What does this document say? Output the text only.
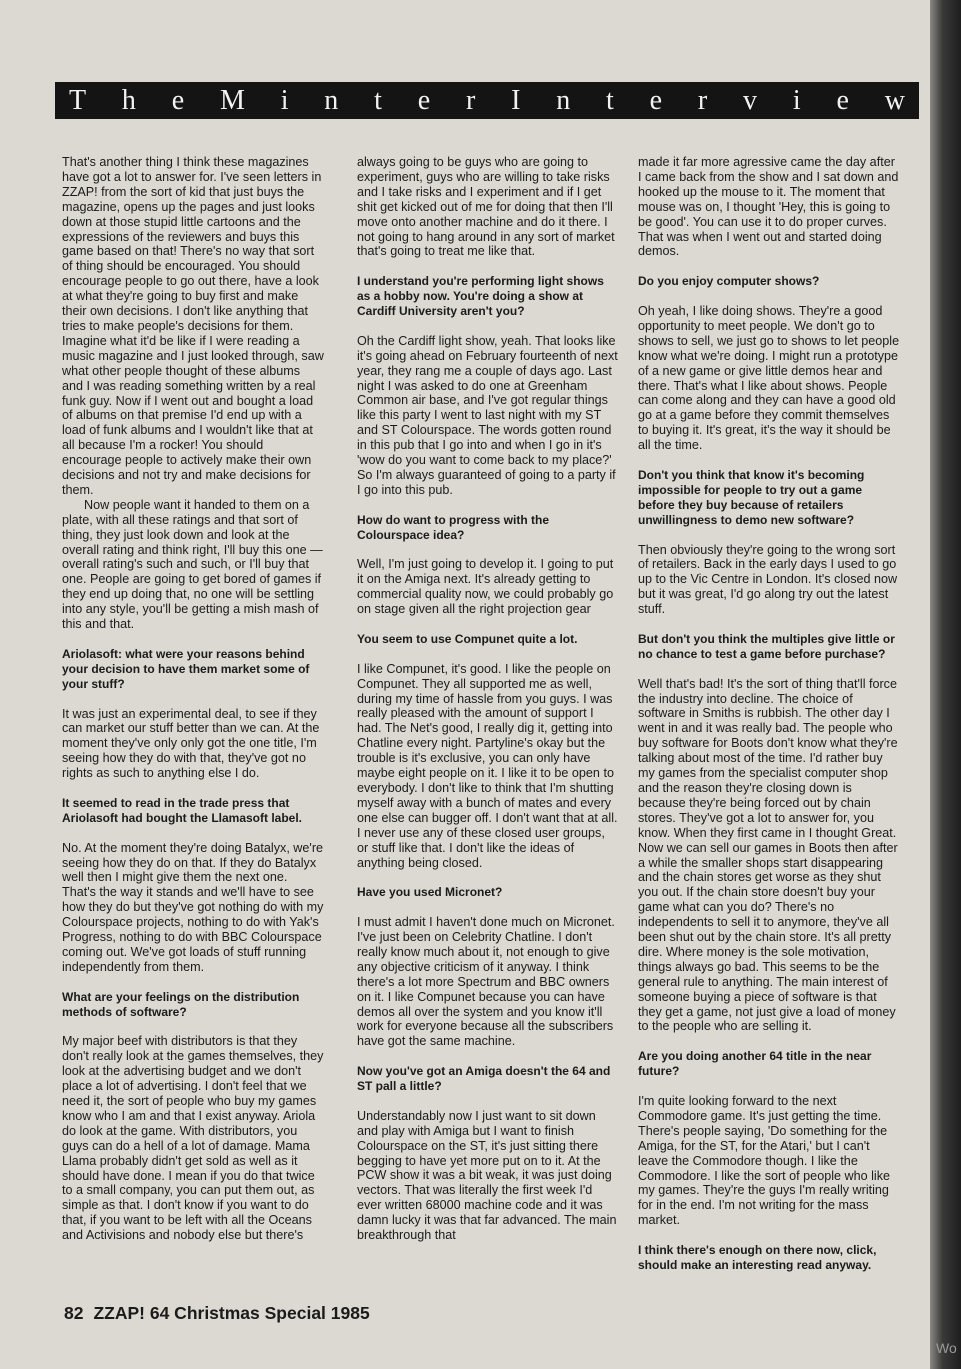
T h e M i n t e r I n t e r v i e w

That's another thing I think these magazines have got a lot to answer for. I've seen letters in ZZAP! from the sort of kid that just buys the magazine, opens up the pages and just looks down at those stupid little cartoons and the expressions of the reviewers and buys this game based on that! There's no way that sort of thing should be encouraged. You should encourage people to go out there, have a look at what they're going to buy first and make their own decisions. I don't like anything that tries to make people's decisions for them. Imagine what it'd be like if I were reading a music magazine and I just looked through, saw what other people thought of these albums and I was reading something written by a real funk guy. Now if I went out and bought a load of albums on that premise I'd end up with a load of funk albums and I wouldn't like that at all because I'm a rocker! You should encourage people to actively make their own decisions and not try and make decisions for them.

Now people want it handed to them on a plate, with all these ratings and that sort of thing, they just look down and look at the overall rating and think right, I'll buy this one — overall rating's such and such, or I'll buy that one. People are going to get bored of games if they end up doing that, no one will be settling into any style, you'll be getting a mish mash of this and that.

Ariolasoft: what were your reasons behind your decision to have them market some of your stuff?

It was just an experimental deal, to see if they can market our stuff better than we can. At the moment they've only only got the one title, I'm seeing how they do with that, they've got no rights as such to anything else I do.

It seemed to read in the trade press that Ariolasoft had bought the Llamasoft label.

No. At the moment they're doing Batalyx, we're seeing how they do on that. If they do Batalyx well then I might give them the next one. That's the way it stands and we'll have to see how they do but they've got nothing do with my Colourspace projects, nothing to do with Yak's Progress, nothing to do with BBC Colourspace coming out. We've got loads of stuff running independently from them.

What are your feelings on the distribution methods of software?

My major beef with distributors is that they don't really look at the games themselves, they look at the advertising budget and we don't place a lot of advertising. I don't feel that we need it, the sort of people who buy my games know who I am and that I exist anyway. Ariola do look at the game. With distributors, you guys can do a hell of a lot of damage. Mama Llama probably didn't get sold as well as it should have done. I mean if you do that twice to a small company, you can put them out, as simple as that. I don't know if you want to do that, if you want to be left with all the Oceans and Activisions and nobody else but there's

always going to be guys who are going to experiment, guys who are willing to take risks and I take risks and I experiment and if I get shit get kicked out of me for doing that then I'll move onto another machine and do it there. I not going to hang around in any sort of market that's going to treat me like that.

I understand you're performing light shows as a hobby now. You're doing a show at Cardiff University aren't you?

Oh the Cardiff light show, yeah. That looks like it's going ahead on February fourteenth of next year, they rang me a couple of days ago. Last night I was asked to do one at Greenham Common air base, and I've got regular things like this party I went to last night with my ST and ST Colourspace. The words gotten round in this pub that I go into and when I go in it's 'wow do you want to come back to my place?' So I'm always guaranteed of going to a party if I go into this pub.

How do want to progress with the Colourspace idea?

Well, I'm just going to develop it. I going to put it on the Amiga next. It's already getting to commercial quality now, we could probably go on stage given all the right projection gear

You seem to use Compunet quite a lot.

I like Compunet, it's good. I like the people on Compunet. They all supported me as well, during my time of hassle from you guys. I was really pleased with the amount of support I had. The Net's good, I really dig it, getting into Chatline every night. Partyline's okay but the trouble is it's exclusive, you can only have maybe eight people on it. I like it to be open to everybody. I don't like to think that I'm shutting myself away with a bunch of mates and every one else can bugger off. I don't want that at all. I never use any of these closed user groups, or stuff like that. I don't like the ideas of anything being closed.

Have you used Micronet?

I must admit I haven't done much on Micronet. I've just been on Celebrity Chatline. I don't really know much about it, not enough to give any objective criticism of it anyway. I think there's a lot more Spectrum and BBC owners on it. I like Compunet because you can have demos all over the system and you know it'll work for everyone because all the subscribers have got the same machine.

Now you've got an Amiga doesn't the 64 and ST pall a little?

Understandably now I just want to sit down and play with Amiga but I want to finish Colourspace on the ST, it's just sitting there begging to have yet more put on to it. At the PCW show it was a bit weak, it was just doing vectors. That was literally the first week I'd ever written 68000 machine code and it was damn lucky it was that far advanced. The main breakthrough that

made it far more agressive came the day after I came back from the show and I sat down and hooked up the mouse to it. The moment that mouse was on, I thought 'Hey, this is going to be good'. You can use it to do proper curves. That was when I went out and started doing demos.

Do you enjoy computer shows?

Oh yeah, I like doing shows. They're a good opportunity to meet people. We don't go to shows to sell, we just go to shows to let people know what we're doing. I might run a prototype of a new game or give little demos hear and there. That's what I like about shows. People can come along and they can have a good old go at a game before they commit themselves to buying it. It's great, it's the way it should be all the time.

Don't you think that know it's becoming impossible for people to try out a game before they buy because of retailers unwillingness to demo new software?

Then obviously they're going to the wrong sort of retailers. Back in the early days I used to go up to the Vic Centre in London. It's closed now but it was great, I'd go along try out the latest stuff.

But don't you think the multiples give little or no chance to test a game before purchase?

Well that's bad! It's the sort of thing that'll force the industry into decline. The choice of software in Smiths is rubbish. The other day I went in and it was really bad. The people who buy software for Boots don't know what they're talking about most of the time. I'd rather buy my games from the specialist computer shop and the reason they're closing down is because they're being forced out by chain stores. They've got a lot to answer for, you know. When they first came in I thought Great. Now we can sell our games in Boots then after a while the smaller shops start disappearing and the chain stores get worse as they shut you out. If the chain store doesn't buy your game what can you do? There's no independents to sell it to anymore, they've all been shut out by the chain store. It's all pretty dire. Where money is the sole motivation, things always go bad. This seems to be the general rule to anything. The main interest of someone buying a piece of software is that they get a game, not just give a load of money to the people who are selling it.

Are you doing another 64 title in the near future?

I'm quite looking forward to the next Commodore game. It's just getting the time. There's people saying, 'Do something for the Amiga, for the ST, for the Atari,' but I can't leave the Commodore though. I like the Commodore. I like the sort of people who like my games. They're the guys I'm really writing for in the end. I'm not writing for the mass market.

I think there's enough on there now, click, should make an interesting read anyway.

82 ZZAP! 64 Christmas Special 1985
Wo
